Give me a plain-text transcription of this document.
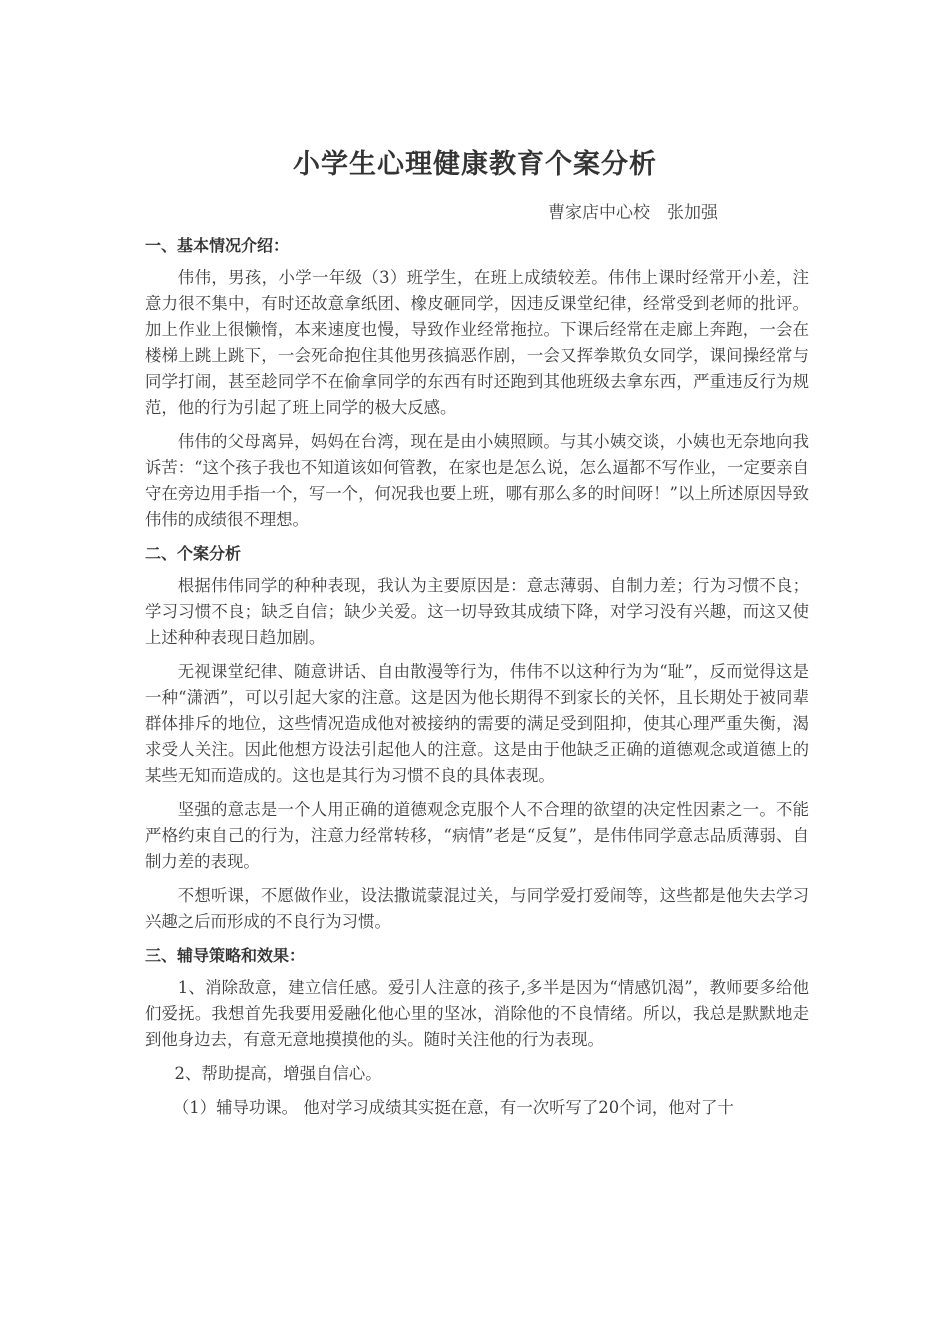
小学生心理健康教育个案分析

曹家店中心校　张加强

一、基本情况介绍：

伟伟，男孩，小学一年级（3）班学生，在班上成绩较差。伟伟上课时经常开小差，注意力很不集中，有时还故意拿纸团、橡皮砸同学，因违反课堂纪律，经常受到老师的批评。加上作业上很懒惰，本来速度也慢，导致作业经常拖拉。下课后经常在走廊上奔跑，一会在楼梯上跳上跳下，一会死命抱住其他男孩搞恶作剧，一会又挥拳欺负女同学，课间操经常与同学打闹，甚至趁同学不在偷拿同学的东西有时还跑到其他班级去拿东西，严重违反行为规范，他的行为引起了班上同学的极大反感。

伟伟的父母离异，妈妈在台湾，现在是由小姨照顾。与其小姨交谈，小姨也无奈地向我诉苦：“这个孩子我也不知道该如何管教，在家也是怎么说，怎么逼都不写作业，一定要亲自守在旁边用手指一个，写一个，何况我也要上班，哪有那么多的时间呀！”以上所述原因导致伟伟的成绩很不理想。

二、个案分析

根据伟伟同学的种种表现，我认为主要原因是：意志薄弱、自制力差；行为习惯不良；学习习惯不良；缺乏自信；缺少关爱。这一切导致其成绩下降，对学习没有兴趣，而这又使上述种种表现日趋加剧。

无视课堂纪律、随意讲话、自由散漫等行为，伟伟不以这种行为为“耻”，反而觉得这是一种“潇洒”，可以引起大家的注意。这是因为他长期得不到家长的关怀，且长期处于被同辈群体排斥的地位，这些情况造成他对被接纳的需要的满足受到阻抑，使其心理严重失衡，渴求受人关注。因此他想方设法引起他人的注意。这是由于他缺乏正确的道德观念或道德上的某些无知而造成的。这也是其行为习惯不良的具体表现。

坚强的意志是一个人用正确的道德观念克服个人不合理的欲望的决定性因素之一。不能严格约束自己的行为，注意力经常转移，“病情”老是“反复”，是伟伟同学意志品质薄弱、自制力差的表现。

不想听课，不愿做作业，设法撒谎蒙混过关，与同学爱打爱闹等，这些都是他失去学习兴趣之后而形成的不良行为习惯。

三、辅导策略和效果：

1、消除敌意，建立信任感。爱引人注意的孩子,多半是因为“情感饥渴”，教师要多给他们爱抚。我想首先我要用爱融化他心里的坚冰，消除他的不良情绪。所以，我总是默默地走到他身边去，有意无意地摸摸他的头。随时关注他的行为表现。

2、帮助提高，增强自信心。

（1）辅导功课。 他对学习成绩其实挺在意，有一次听写了20个词，他对了十
